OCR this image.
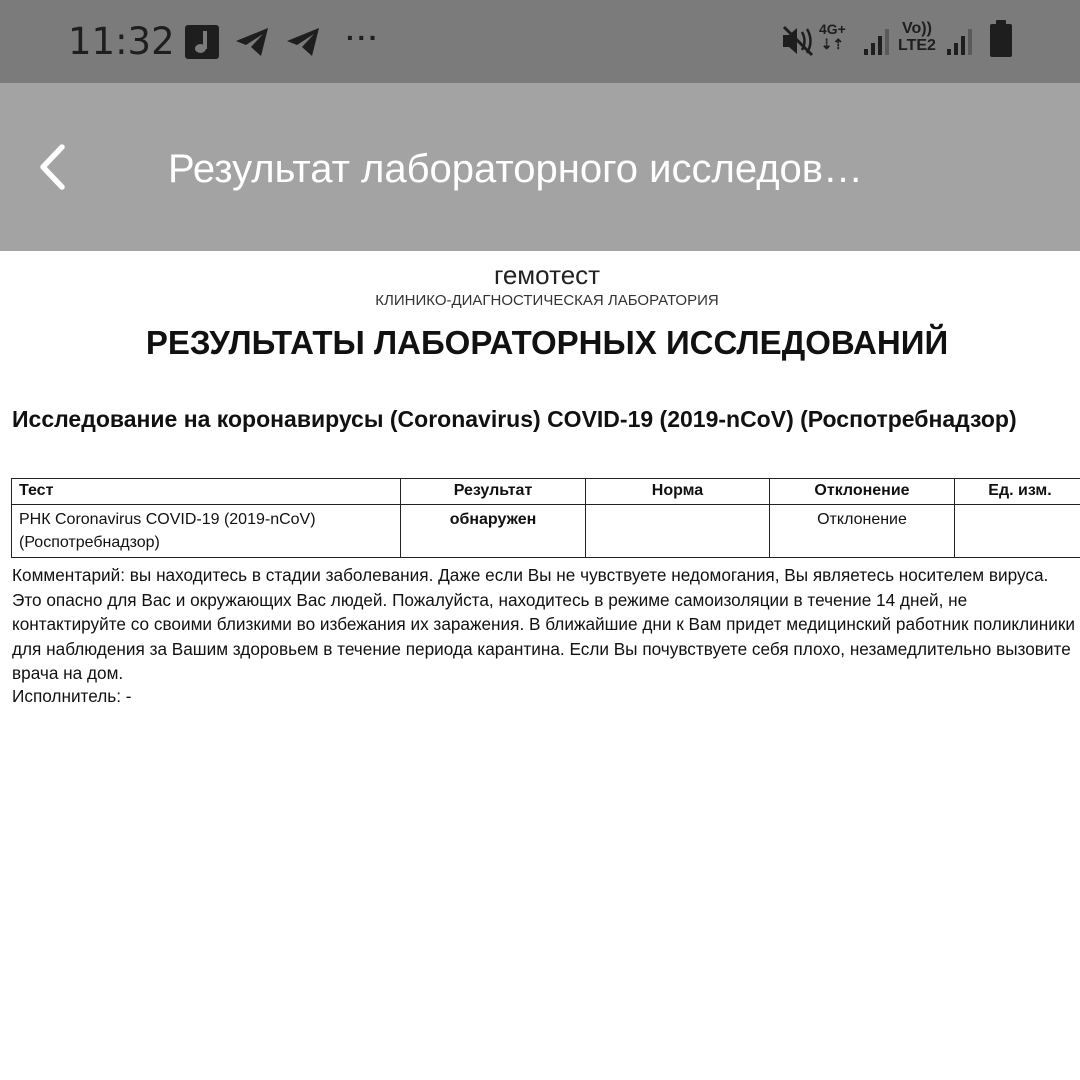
11:32	···	4G+
⇣⇡
Vo))
LTE2
Результат лабораторного исследов…
гемотест
КЛИНИКО-ДИАГНОСТИЧЕСКАЯ ЛАБОРАТОРИЯ
РЕЗУЛЬТАТЫ ЛАБОРАТОРНЫХ ИССЛЕДОВАНИЙ
Исследование на коронавирусы (Coronavirus) COVID-19 (2019-nCoV) (Роспотребнадзор)
Тест	Результат	Норма	Отклонение	Ед. изм.
РНК Coronavirus COVID-19 (2019-nCoV) (Роспотребнадзор)	обнаружен		Отклонение	
Комментарий: вы находитесь в стадии заболевания. Даже если Вы не чувствуете недомогания, Вы являетесь носителем вируса. Это опасно для Вас и окружающих Вас людей. Пожалуйста, находитесь в режиме самоизоляции в течение 14 дней, не контактируйте со своими близкими во избежания их заражения. В ближайшие дни к Вам придет медицинский работник поликлиники для наблюдения за Вашим здоровьем в течение периода карантина. Если Вы почувствуете себя плохо, незамедлительно вызовите врача на дом.
Исполнитель: -
